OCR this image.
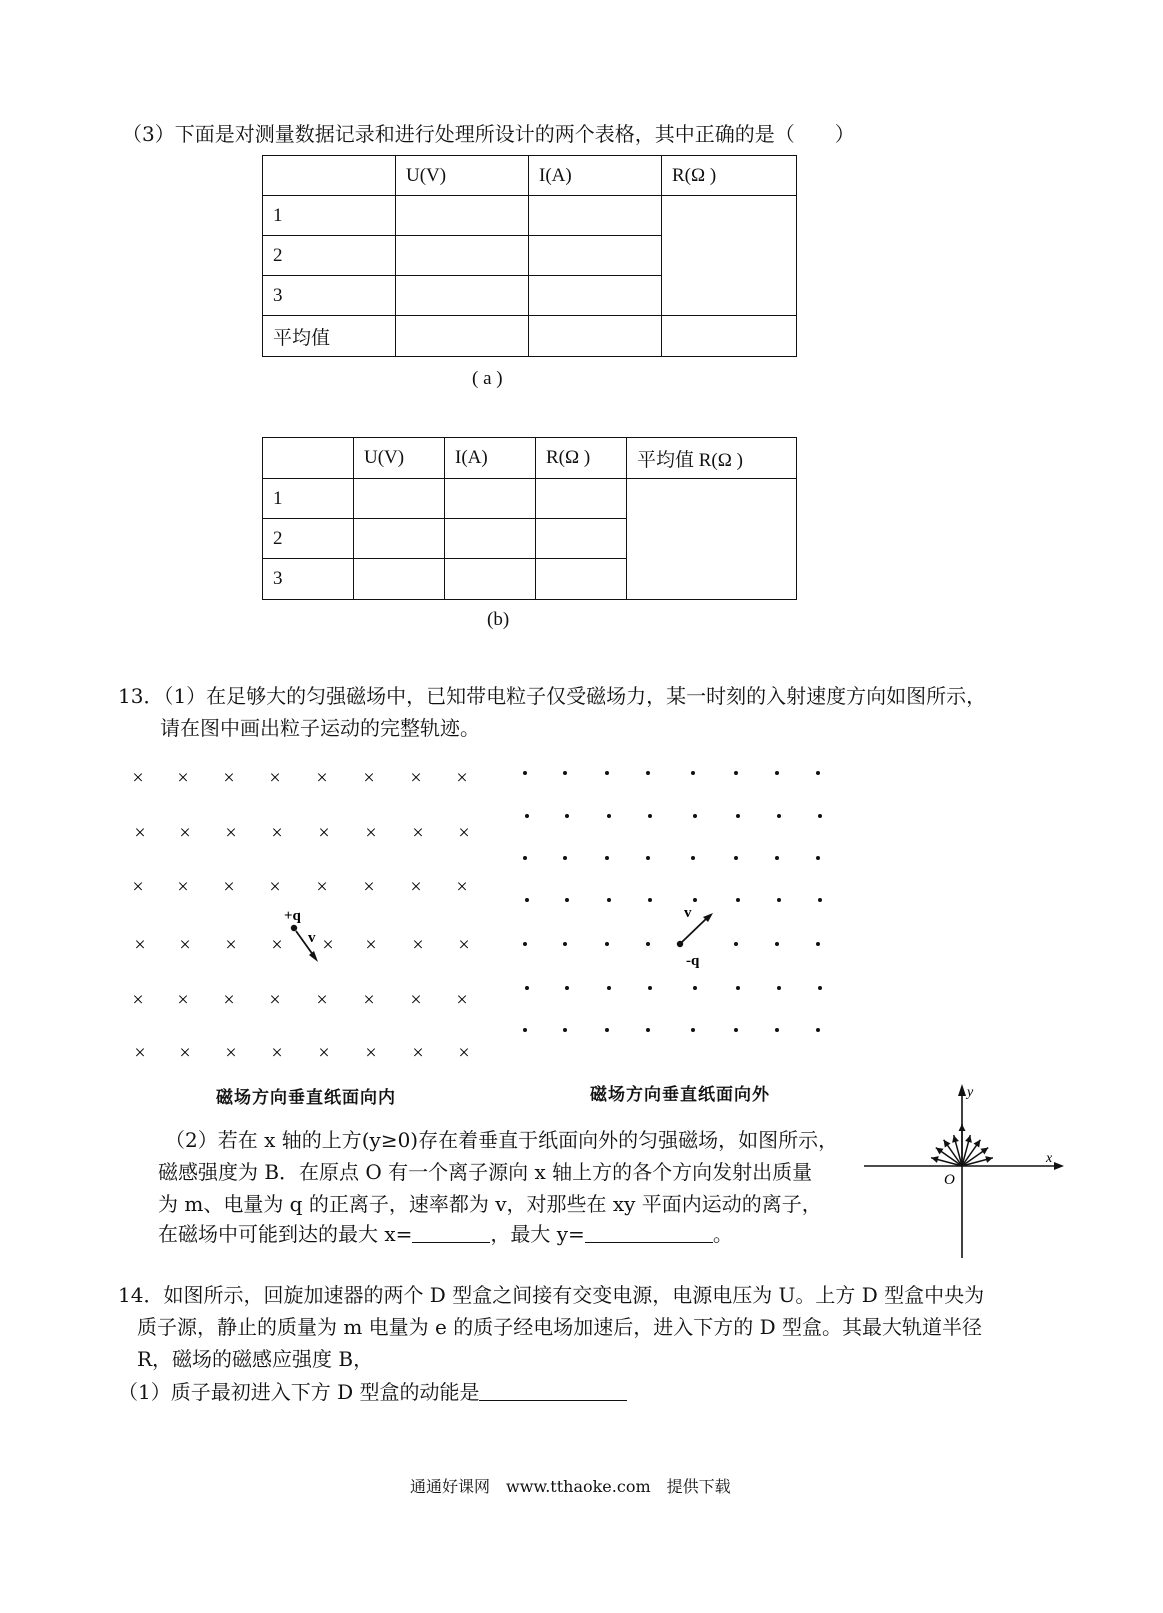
（3）下面是对测量数据记录和进行处理所设计的两个表格，其中正确的是（　　）
	U(V)	I(A)	R(Ω )
1			
2			
3			
平均值			
( a )
	U(V)	I(A)	R(Ω )	平均值 R(Ω )
1				
2				
3				
(b)
13．（1）在足够大的匀强磁场中，已知带电粒子仅受磁场力，某一时刻的入射速度方向如图所示，
请在图中画出粒子运动的完整轨迹。
× × × × × × × ×
× × × × × × × ×
× × × × × × × ×
× × × × × × × ×
× × × × × × × ×
× × × × × × × ×
+q
v
v
-q
y
x
O
磁场方向垂直纸面向内	磁场方向垂直纸面向外
（2）若在 x 轴的上方(y≥0)存在着垂直于纸面向外的匀强磁场，如图所示，
磁感强度为 B．在原点 O 有一个离子源向 x 轴上方的各个方向发射出质量
为 m、电量为 q 的正离子，速率都为 v，对那些在 xy 平面内运动的离子，
在磁场中可能到达的最大 x=	，最大 y=	。
14．如图所示，回旋加速器的两个 D 型盒之间接有交变电源，电源电压为 U。上方 D 型盒中央为
质子源，静止的质量为 m 电量为 e 的质子经电场加速后，进入下方的 D 型盒。其最大轨道半径
R，磁场的磁感应强度 B，
（1）质子最初进入下方 D 型盒的动能是
通通好课网　www.tthaoke.com　提供下载
